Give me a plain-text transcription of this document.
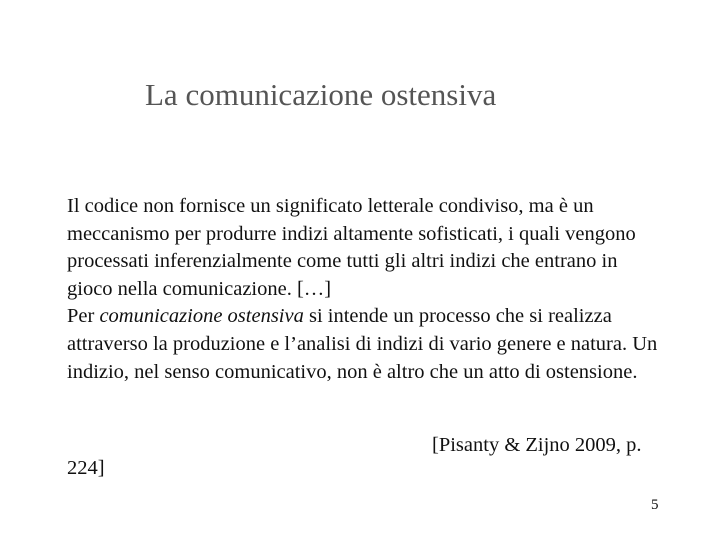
La comunicazione ostensiva

Il codice non fornisce un significato letterale condiviso, ma è un meccanismo per produrre indizi altamente sofisticati, i quali vengono processati inferenzialmente come tutti gli altri indizi che entrano in gioco nella comunicazione. […]

Per comunicazione ostensiva si intende un processo che si realizza attraverso la produzione e l’analisi di indizi di vario genere e natura. Un indizio, nel senso comunicativo, non è altro che un atto di ostensione.

[Pisanty & Zijno 2009, p.
224]
5
